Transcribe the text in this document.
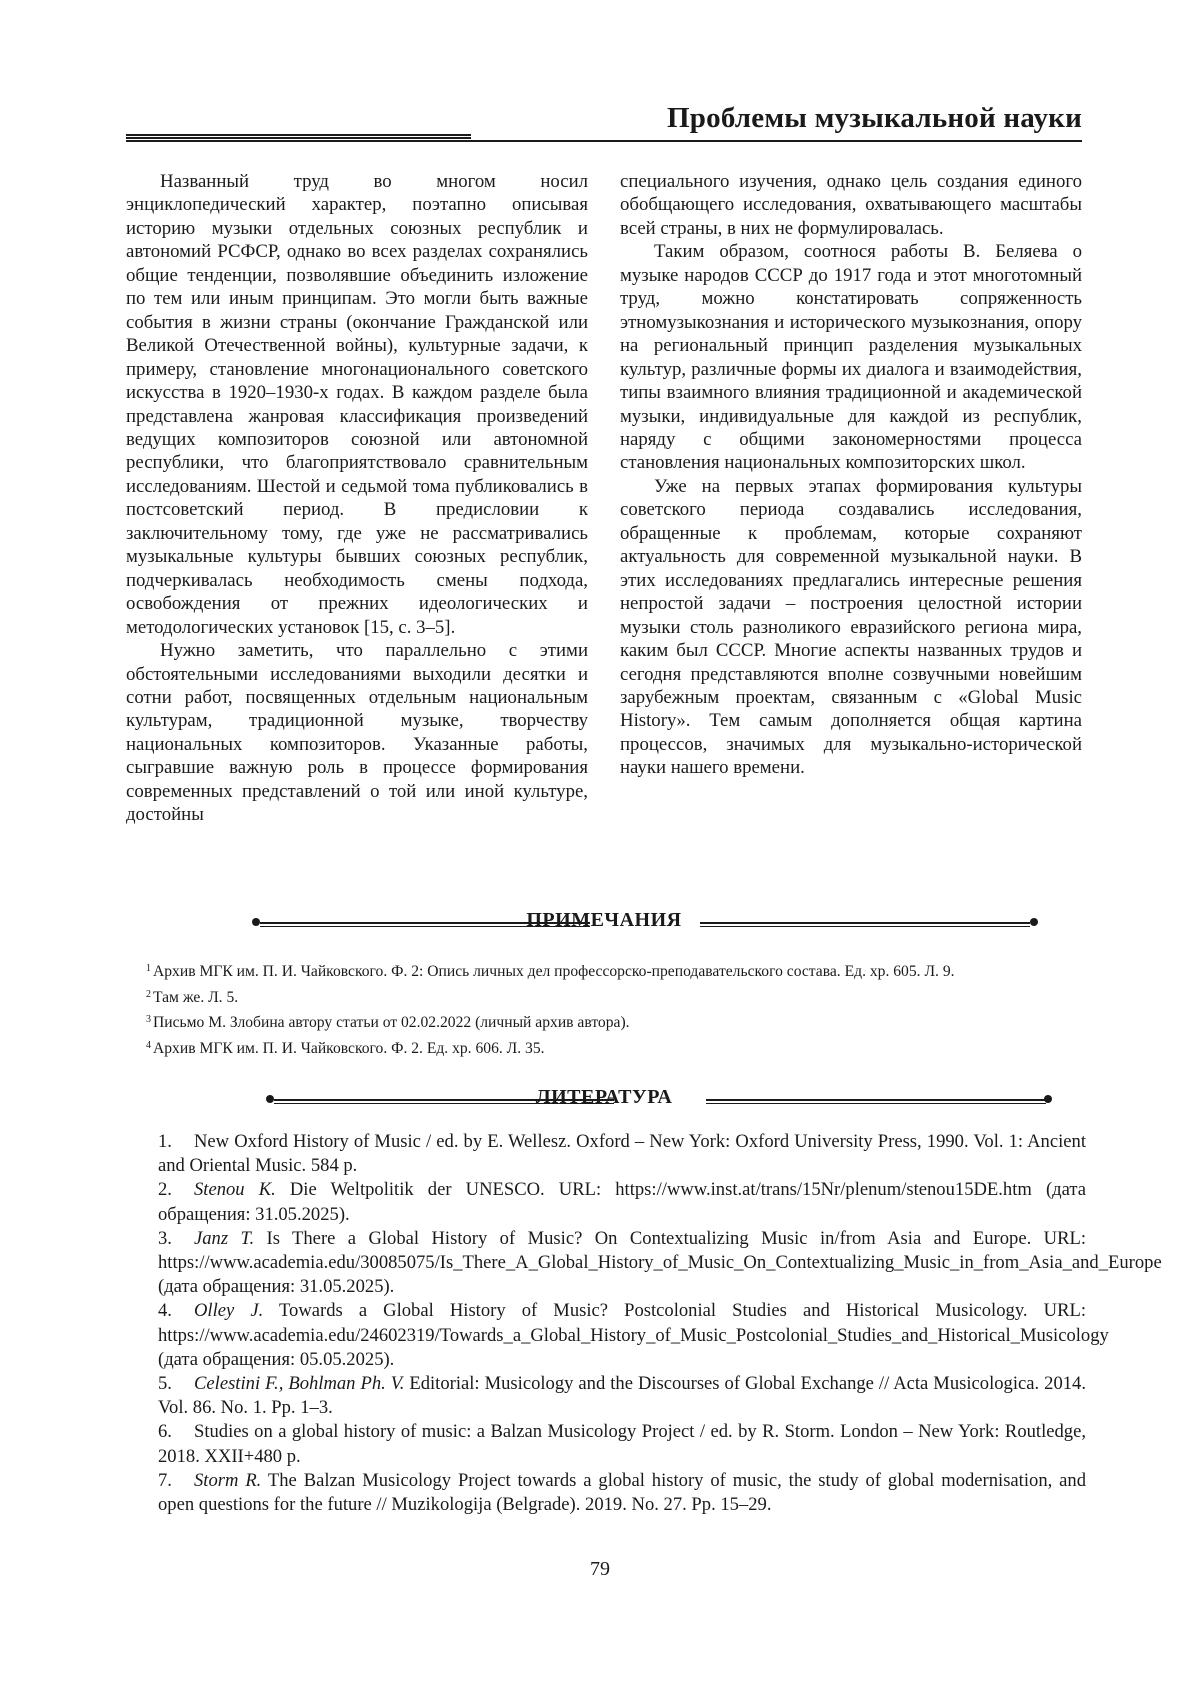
Проблемы музыкальной науки

Названный труд во многом носил энциклопедический характер, поэтапно описывая историю музыки отдельных союзных республик и автономий РСФСР, однако во всех разделах сохранялись общие тенденции, позволявшие объединить изложение по тем или иным принципам. Это могли быть важные события в жизни страны (окончание Гражданской или Великой Отечественной войны), культурные задачи, к примеру, становление многонационального советского искусства в 1920–1930-х годах. В каждом разделе была представлена жанровая классификация произведений ведущих композиторов союзной или автономной республики, что благоприятствовало сравнительным исследованиям. Шестой и седьмой тома публиковались в постсоветский период. В предисловии к заключительному тому, где уже не рассматривались музыкальные культуры бывших союзных республик, подчеркивалась необходимость смены подхода, освобождения от прежних идеологических и методологических установок [15, с. 3–5].

Нужно заметить, что параллельно с этими обстоятельными исследованиями выходили десятки и сотни работ, посвященных отдельным национальным культурам, традиционной музыке, творчеству национальных композиторов. Указанные работы, сыгравшие важную роль в процессе формирования современных представлений о той или иной культуре, достойны

специального изучения, однако цель создания единого обобщающего исследования, охватывающего масштабы всей страны, в них не формулировалась.

Таким образом, соотнося работы В. Беляева о музыке народов СССР до 1917 года и этот многотомный труд, можно констатировать сопряженность этномузыкознания и исторического музыкознания, опору на региональный принцип разделения музыкальных культур, различные формы их диалога и взаимодействия, типы взаимного влияния традиционной и академической музыки, индивидуальные для каждой из республик, наряду с общими закономерностями процесса становления национальных композиторских школ.

Уже на первых этапах формирования культуры советского периода создавались исследования, обращенные к проблемам, которые сохраняют актуальность для современной музыкальной науки. В этих исследованиях предлагались интересные решения непростой задачи – построения целостной истории музыки столь разноликого евразийского региона мира, каким был СССР. Многие аспекты названных трудов и сегодня представляются вполне созвучными новейшим зарубежным проектам, связанным с «Global Music History». Тем самым дополняется общая картина процессов, значимых для музыкально-исторической науки нашего времени.

ПРИМЕЧАНИЯ
$^1$ Архив МГК им. П. И. Чайковского. Ф. 2: Опись личных дел профессорско-преподавательского состава. Ед. хр. 605. Л. 9.
$^2$ Там же. Л. 5.
$^3$ Письмо М. Злобина автору статьи от 02.02.2022 (личный архив автора).
$^4$ Архив МГК им. П. И. Чайковского. Ф. 2. Ед. хр. 606. Л. 35.
ЛИТЕРАТУРА
1. New Oxford History of Music / ed. by E. Wellesz. Oxford – New York: Oxford University Press, 1990. Vol. 1: Ancient and Oriental Music. 584 p.
2. Stenou K. Die Weltpolitik der UNESCO. URL: https://www.inst.at/trans/15Nr/plenum/stenou15DE.htm (дата обращения: 31.05.2025).
3. Janz T. Is There a Global History of Music? On Contextualizing Music in/from Asia and Europe. URL: https://www.academia.edu/30085075/Is_There_A_Global_History_of_Music_On_Contextualizing_Music_in_from_Asia_and_Europe (дата обращения: 31.05.2025).
4. Olley J. Towards a Global History of Music? Postcolonial Studies and Historical Musicology. URL: https://www.academia.edu/24602319/Towards_a_Global_History_of_Music_Postcolonial_Studies_and_Historical_Musicology (дата обращения: 05.05.2025).
5. Celestini F., Bohlman Ph. V. Editorial: Musicology and the Discourses of Global Exchange // Acta Musicologica. 2014. Vol. 86. No. 1. Pp. 1–3.
6. Studies on a global history of music: a Balzan Musicology Project / ed. by R. Storm. London – New York: Routledge, 2018. XXII+480 p.
7. Storm R. The Balzan Musicology Project towards a global history of music, the study of global modernisation, and open questions for the future // Muzikologija (Belgrade). 2019. No. 27. Pp. 15–29.
79
